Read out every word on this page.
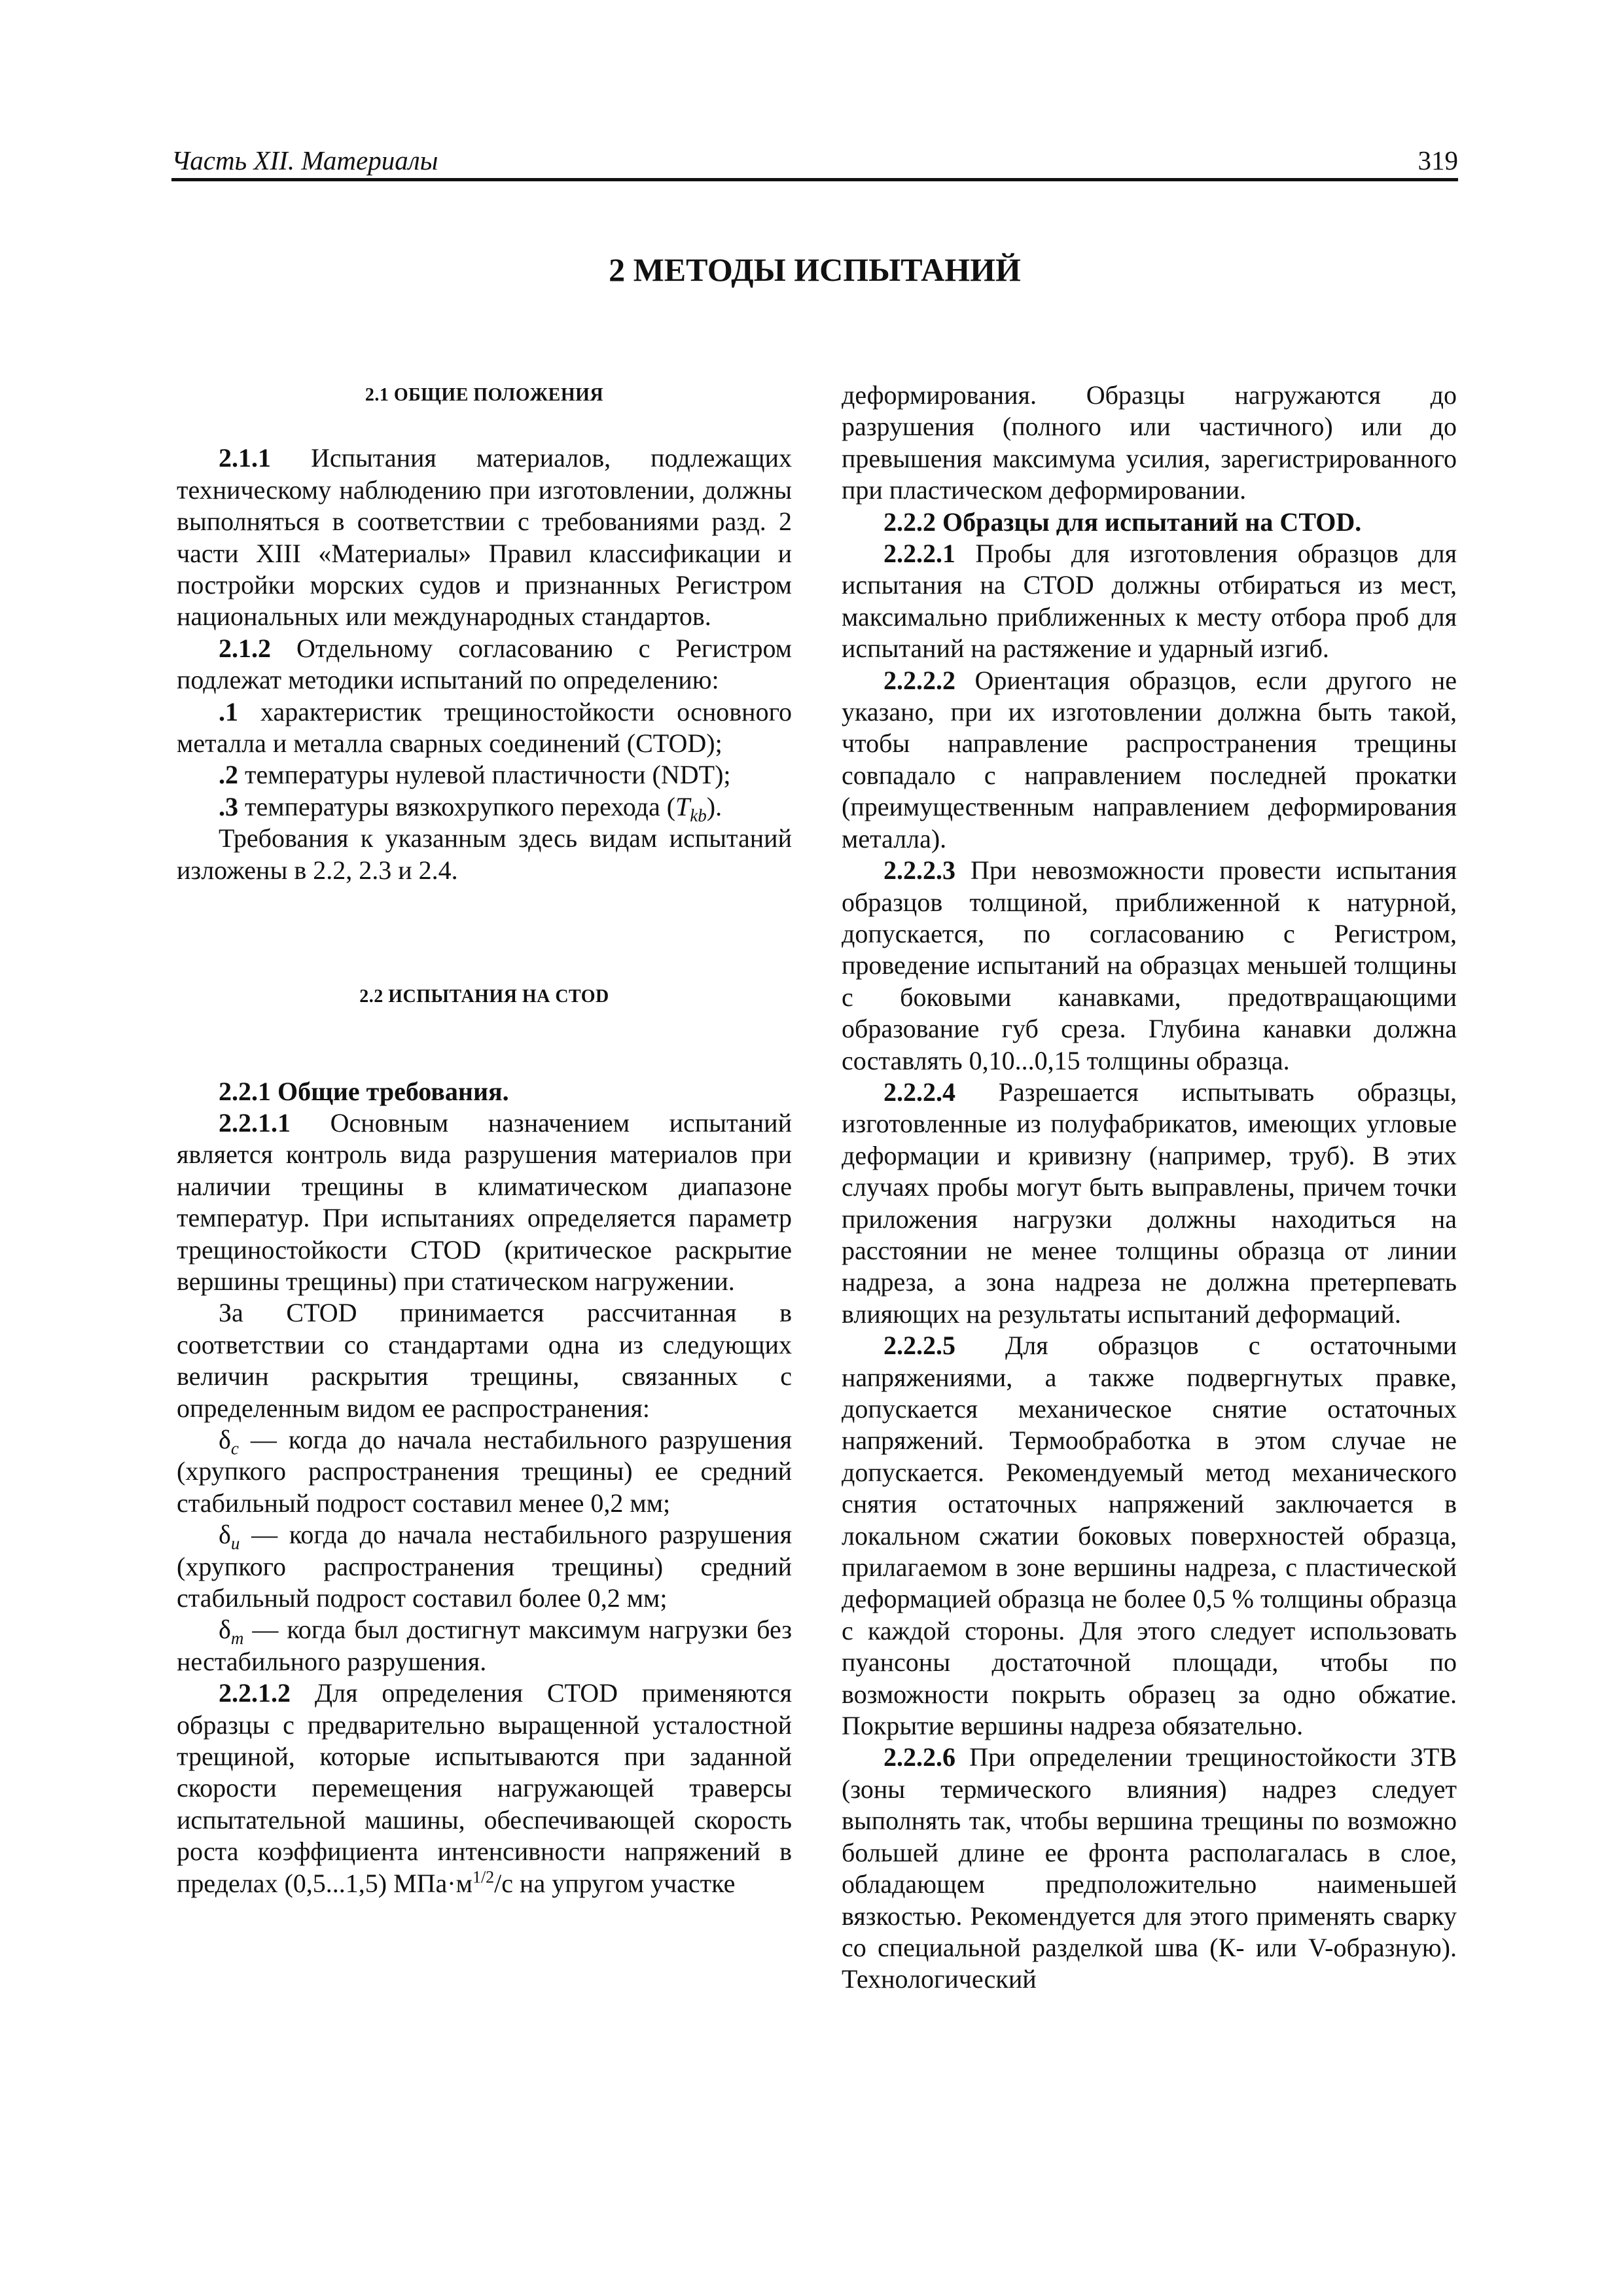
Часть XII. Материалы	319
2 МЕТОДЫ ИСПЫТАНИЙ
2.1 ОБЩИЕ ПОЛОЖЕНИЯ

2.1.1 Испытания материалов, подлежащих техническому наблюдению при изготовлении, должны выполняться в соответствии с требованиями разд. 2 части XIII «Материалы» Правил классификации и постройки морских судов и признанных Регистром национальных или международных стандартов.

2.1.2 Отдельному согласованию с Регистром подлежат методики испытаний по определению:

.1 характеристик трещиностойкости основного металла и металла сварных соединений (CTOD);

.2 температуры нулевой пластичности (NDT);

.3 температуры вязкохрупкого перехода $(T_{kb})$.

Требования к указанным здесь видам испытаний изложены в 2.2, 2.3 и 2.4.

2.2 ИСПЫТАНИЯ НА CTOD

2.2.1 Общие требования.

2.2.1.1 Основным назначением испытаний является контроль вида разрушения материалов при наличии трещины в климатическом диапазоне температур. При испытаниях определяется параметр трещиностойкости CTOD (критическое раскрытие вершины трещины) при статическом нагружении.

За CTOD принимается рассчитанная в соответствии со стандартами одна из следующих величин раскрытия трещины, связанных с определенным видом ее распространения:

$\delta_c$ — когда до начала нестабильного разрушения (хрупкого распространения трещины) ее средний стабильный подрост составил менее 0,2 мм;

$\delta_u$ — когда до начала нестабильного разрушения (хрупкого распространения трещины) средний стабильный подрост составил более 0,2 мм;

$\delta_m$ — когда был достигнут максимум нагрузки без нестабильного разрушения.

2.2.1.2 Для определения CTOD применяются образцы с предварительно выращенной усталостной трещиной, которые испытываются при заданной скорости перемещения нагружающей траверсы испытательной машины, обеспечивающей скорость роста коэффициента интенсивности напряжений в пределах (0,5...1,5) $МПа\cdot м^{1/2}/с$ на упругом участке

деформирования. Образцы нагружаются до разрушения (полного или частичного) или до превышения максимума усилия, зарегистрированного при пластическом деформировании.

2.2.2 Образцы для испытаний на CTOD.

2.2.2.1 Пробы для изготовления образцов для испытания на CTOD должны отбираться из мест, максимально приближенных к месту отбора проб для испытаний на растяжение и ударный изгиб.

2.2.2.2 Ориентация образцов, если другого не указано, при их изготовлении должна быть такой, чтобы направление распространения трещины совпадало с направлением последней прокатки (преимущественным направлением деформирования металла).

2.2.2.3 При невозможности провести испытания образцов толщиной, приближенной к натурной, допускается, по согласованию с Регистром, проведение испытаний на образцах меньшей толщины с боковыми канавками, предотвращающими образование губ среза. Глубина канавки должна составлять 0,10...0,15 толщины образца.

2.2.2.4 Разрешается испытывать образцы, изготовленные из полуфабрикатов, имеющих угловые деформации и кривизну (например, труб). В этих случаях пробы могут быть выправлены, причем точки приложения нагрузки должны находиться на расстоянии не менее толщины образца от линии надреза, а зона надреза не должна претерпевать влияющих на результаты испытаний деформаций.

2.2.2.5 Для образцов с остаточными напряжениями, а также подвергнутых правке, допускается механическое снятие остаточных напряжений. Термообработка в этом случае не допускается. Рекомендуемый метод механического снятия остаточных напряжений заключается в локальном сжатии боковых поверхностей образца, прилагаемом в зоне вершины надреза, с пластической деформацией образца не более 0,5 % толщины образца с каждой стороны. Для этого следует использовать пуансоны достаточной площади, чтобы по возможности покрыть образец за одно обжатие. Покрытие вершины надреза обязательно.

2.2.2.6 При определении трещиностойкости ЗТВ (зоны термического влияния) надрез следует выполнять так, чтобы вершина трещины по возможно большей длине ее фронта располагалась в слое, обладающем предположительно наименьшей вязкостью. Рекомендуется для этого применять сварку со специальной разделкой шва (К- или V-образную). Технологический
